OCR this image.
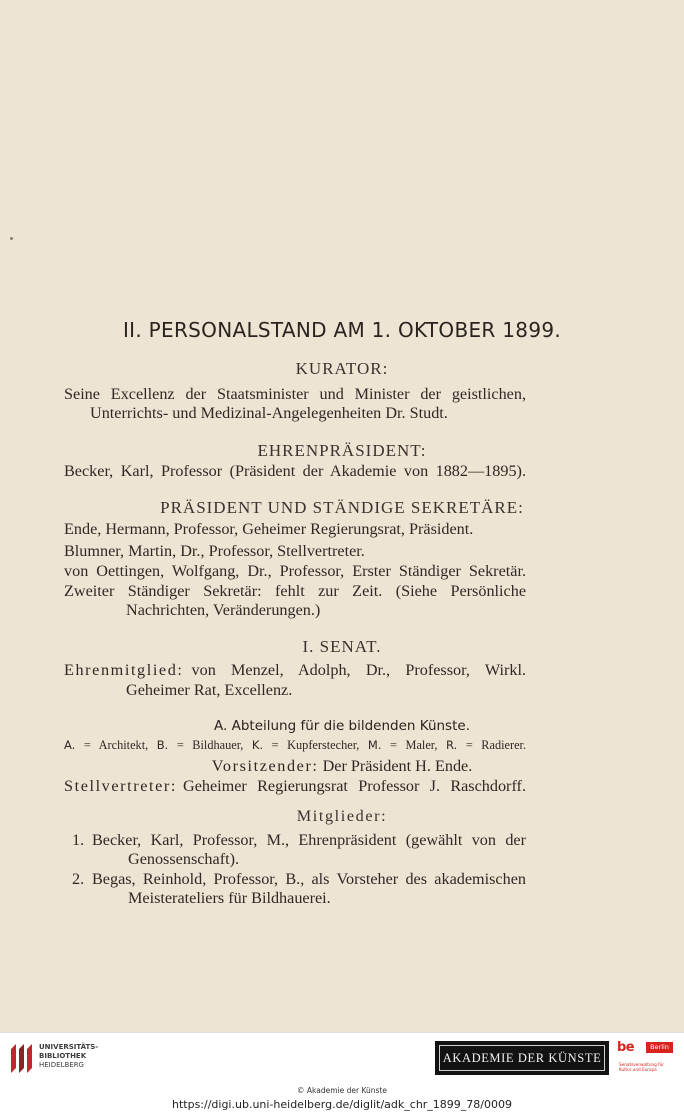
II. PERSONALSTAND AM 1. OKTOBER 1899.
KURATOR:
Seine Excellenz der Staatsminister und Minister der geistlichen,
Unterrichts- und Medizinal-Angelegenheiten Dr. Studt.
EHRENPRÄSIDENT:
Becker, Karl, Professor (Präsident der Akademie von 1882—1895).
PRÄSIDENT UND STÄNDIGE SEKRETÄRE:
Ende, Hermann, Professor, Geheimer Regierungsrat, Präsident.
Blumner, Martin, Dr., Professor, Stellvertreter.
von Oettingen, Wolfgang, Dr., Professor, Erster Ständiger Sekretär.
Zweiter Ständiger Sekretär: fehlt zur Zeit. (Siehe Persönliche
Nachrichten, Veränderungen.)
I. SENAT.
Ehrenmitglied: von Menzel, Adolph, Dr., Professor, Wirkl.
Geheimer Rat, Excellenz.
A. Abteilung für die bildenden Künste.
A. = Architekt, B. = Bildhauer, K. = Kupferstecher, M. = Maler, R. = Radierer.
Vorsitzender: Der Präsident H. Ende.
Stellvertreter: Geheimer Regierungsrat Professor J. Raschdorff.
Mitglieder:
1. Becker, Karl, Professor, M., Ehrenpräsident (gewählt von der
Genossenschaft).
2. Begas, Reinhold, Professor, B., als Vorsteher des akademischen
Meisterateliers für Bildhauerei.
UNIVERSITÄTS-
BIBLIOTHEK
HEIDELBERG	AKADEMIE DER KÜNSTE
be	Berlin
Senatsverwaltung für Kultur und Europa
© Akademie der Künste
https://digi.ub.uni-heidelberg.de/diglit/adk_chr_1899_78/0009
